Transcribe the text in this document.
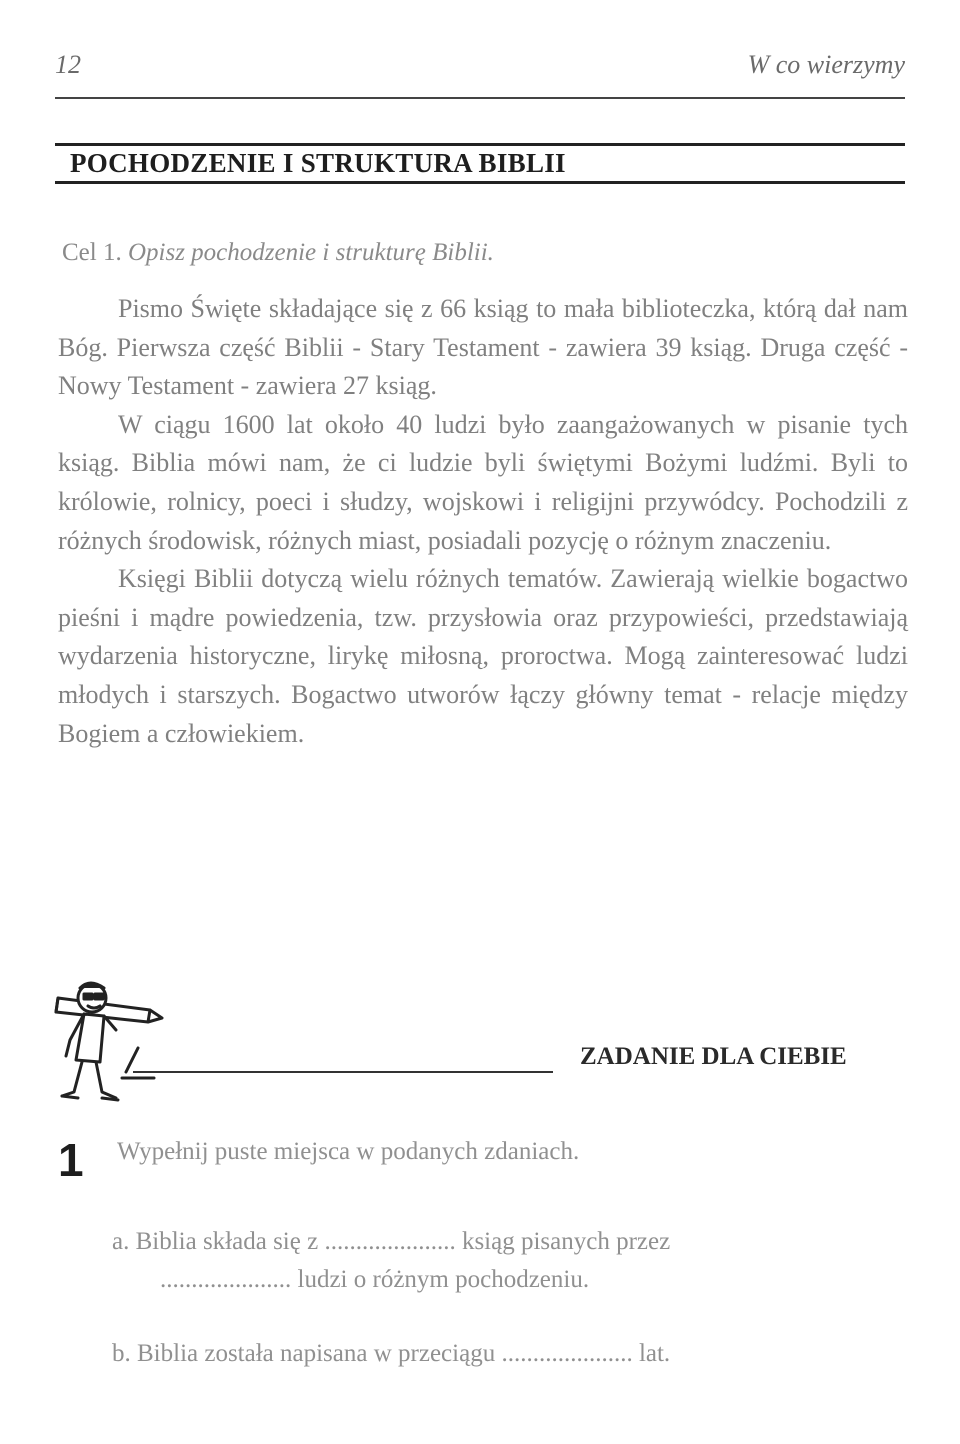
12	W co wierzymy
POCHODZENIE I STRUKTURA BIBLII
Cel 1. Opisz pochodzenie i strukturę Biblii.

Pismo Święte składające się z 66 ksiąg to mała biblioteczka, którą dał nam Bóg. Pierwsza część Biblii - Stary Testament - zawiera 39 ksiąg. Druga część - Nowy Testament - zawiera 27 ksiąg.

W ciągu 1600 lat około 40 ludzi było zaangażowanych w pisanie tych ksiąg. Biblia mówi nam, że ci ludzie byli świętymi Bożymi ludźmi. Byli to królowie, rolnicy, poeci i słudzy, wojskowi i religijni przywódcy. Pochodzili z różnych środowisk, różnych miast, posiadali pozycję o różnym znaczeniu.

Księgi Biblii dotyczą wielu różnych tematów. Zawierają wielkie bogactwo pieśni i mądre powiedzenia, tzw. przysłowia oraz przypowieści, przedstawiają wydarzenia historyczne, lirykę miłosną, proroctwa. Mogą zainteresować ludzi młodych i starszych. Bogactwo utworów łączy główny temat - relacje między Bogiem a człowiekiem.

ZADANIE DLA CIEBIE
1 Wypełnij puste miejsca w podanych zdaniach.
a. Biblia składa się z ..................... ksiąg pisanych przez
..................... ludzi o różnym pochodzeniu.
b. Biblia została napisana w przeciągu ..................... lat.
